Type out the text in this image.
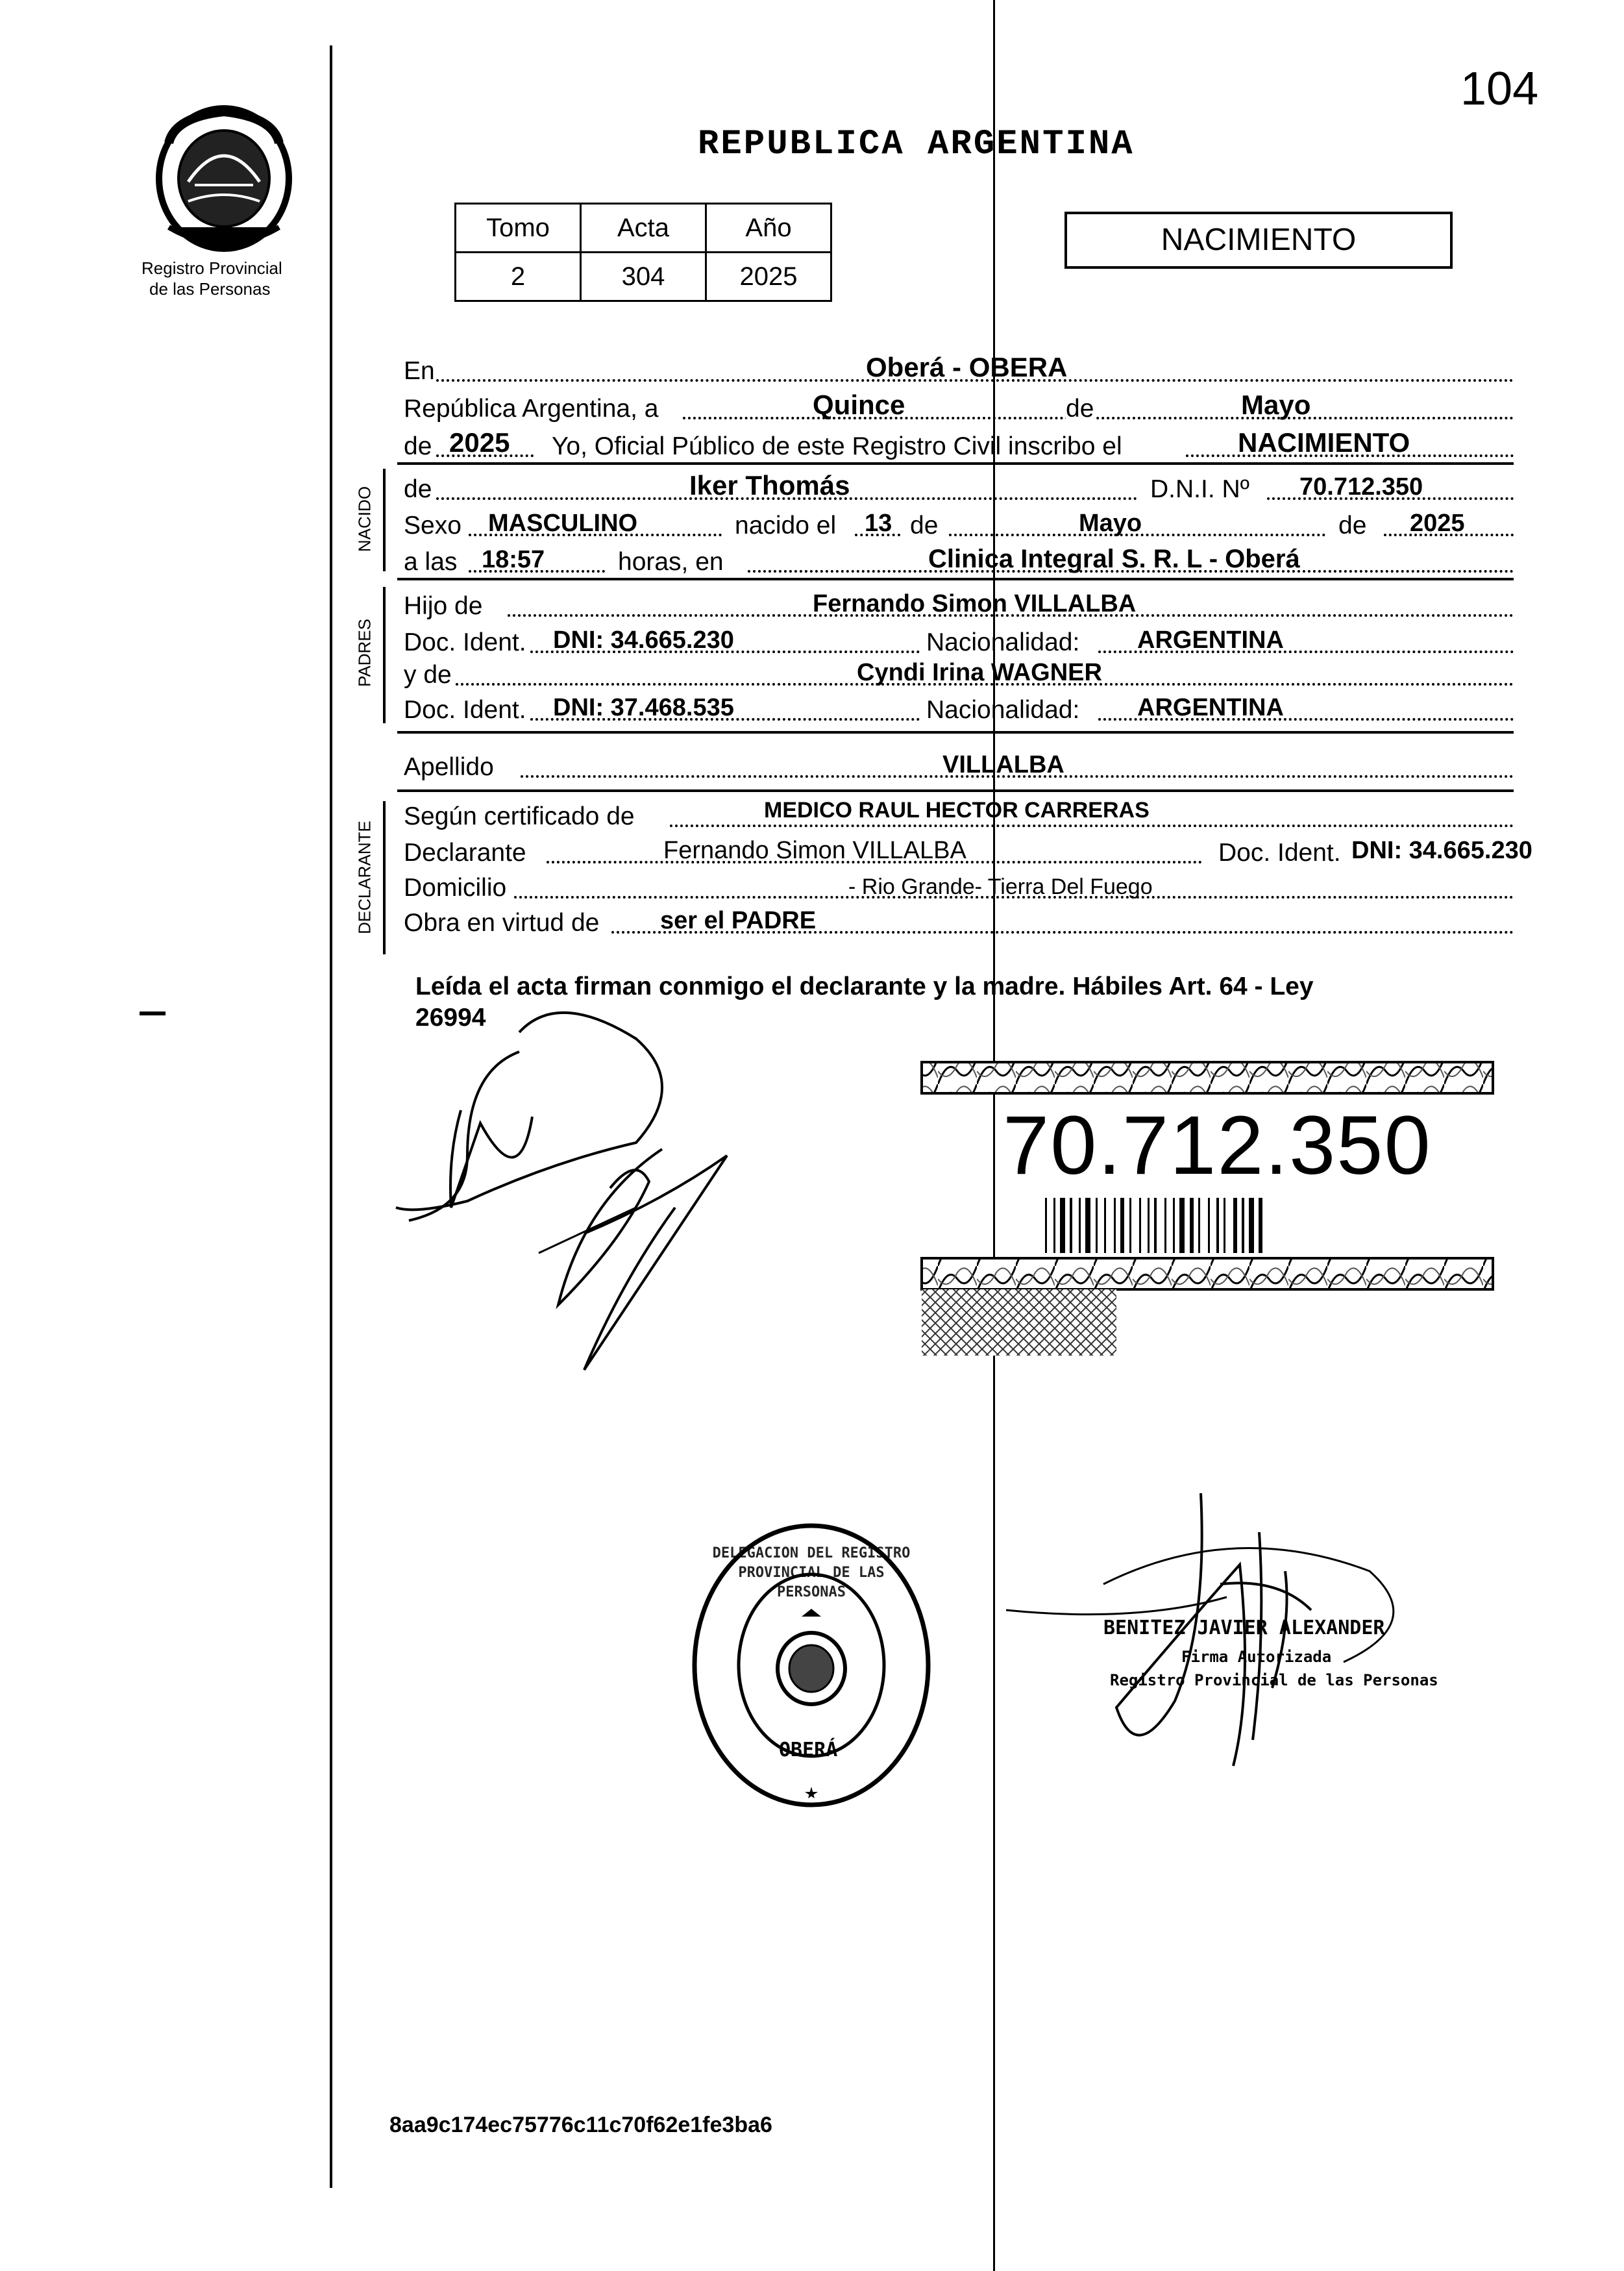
104
Registro Provincial
de las Personas
REPUBLICA ARGENTINA
Tomo	Acta	Año
2	304	2025
NACIMIENTO
En	Oberá - OBERA
República Argentina, a	Quince	de	Mayo
de 2025 Yo, Oficial Público de este Registro Civil inscribo el	NACIMIENTO
NACIDO de	Iker Thomás	D.N.I. Nº 70.712.350
Sexo MASCULINO	nacido el 13 de	Mayo	de 2025
a las 18:57	horas, en	Clinica Integral S. R. L - Oberá
PADRES
Hijo de	Fernando Simon VILLALBA
Doc. Ident. DNI: 34.665.230	Nacionalidad: ARGENTINA
y de	Cyndi Irina WAGNER
Doc. Ident. DNI: 37.468.535	Nacionalidad: ARGENTINA
Apellido	VILLALBA
DECLARANTE
Según certificado de	MEDICO RAUL HECTOR CARRERAS
Declarante	Fernando Simon VILLALBA	Doc. Ident. DNI: 34.665.230
Domicilio	- Rio Grande- Tierra Del Fuego
Obra en virtud de ser el PADRE
Leída el acta firman conmigo el declarante y la madre. Hábiles Art. 64 - Ley
26994
70.712.350
DELEGACION DEL REGISTRO PROVINCIAL DE LAS PERSONAS
OBERÁ
BENITEZ JAVIER ALEXANDER
Firma Autorizada
Registro Provincial de las Personas
8aa9c174ec75776c11c70f62e1fe3ba6
